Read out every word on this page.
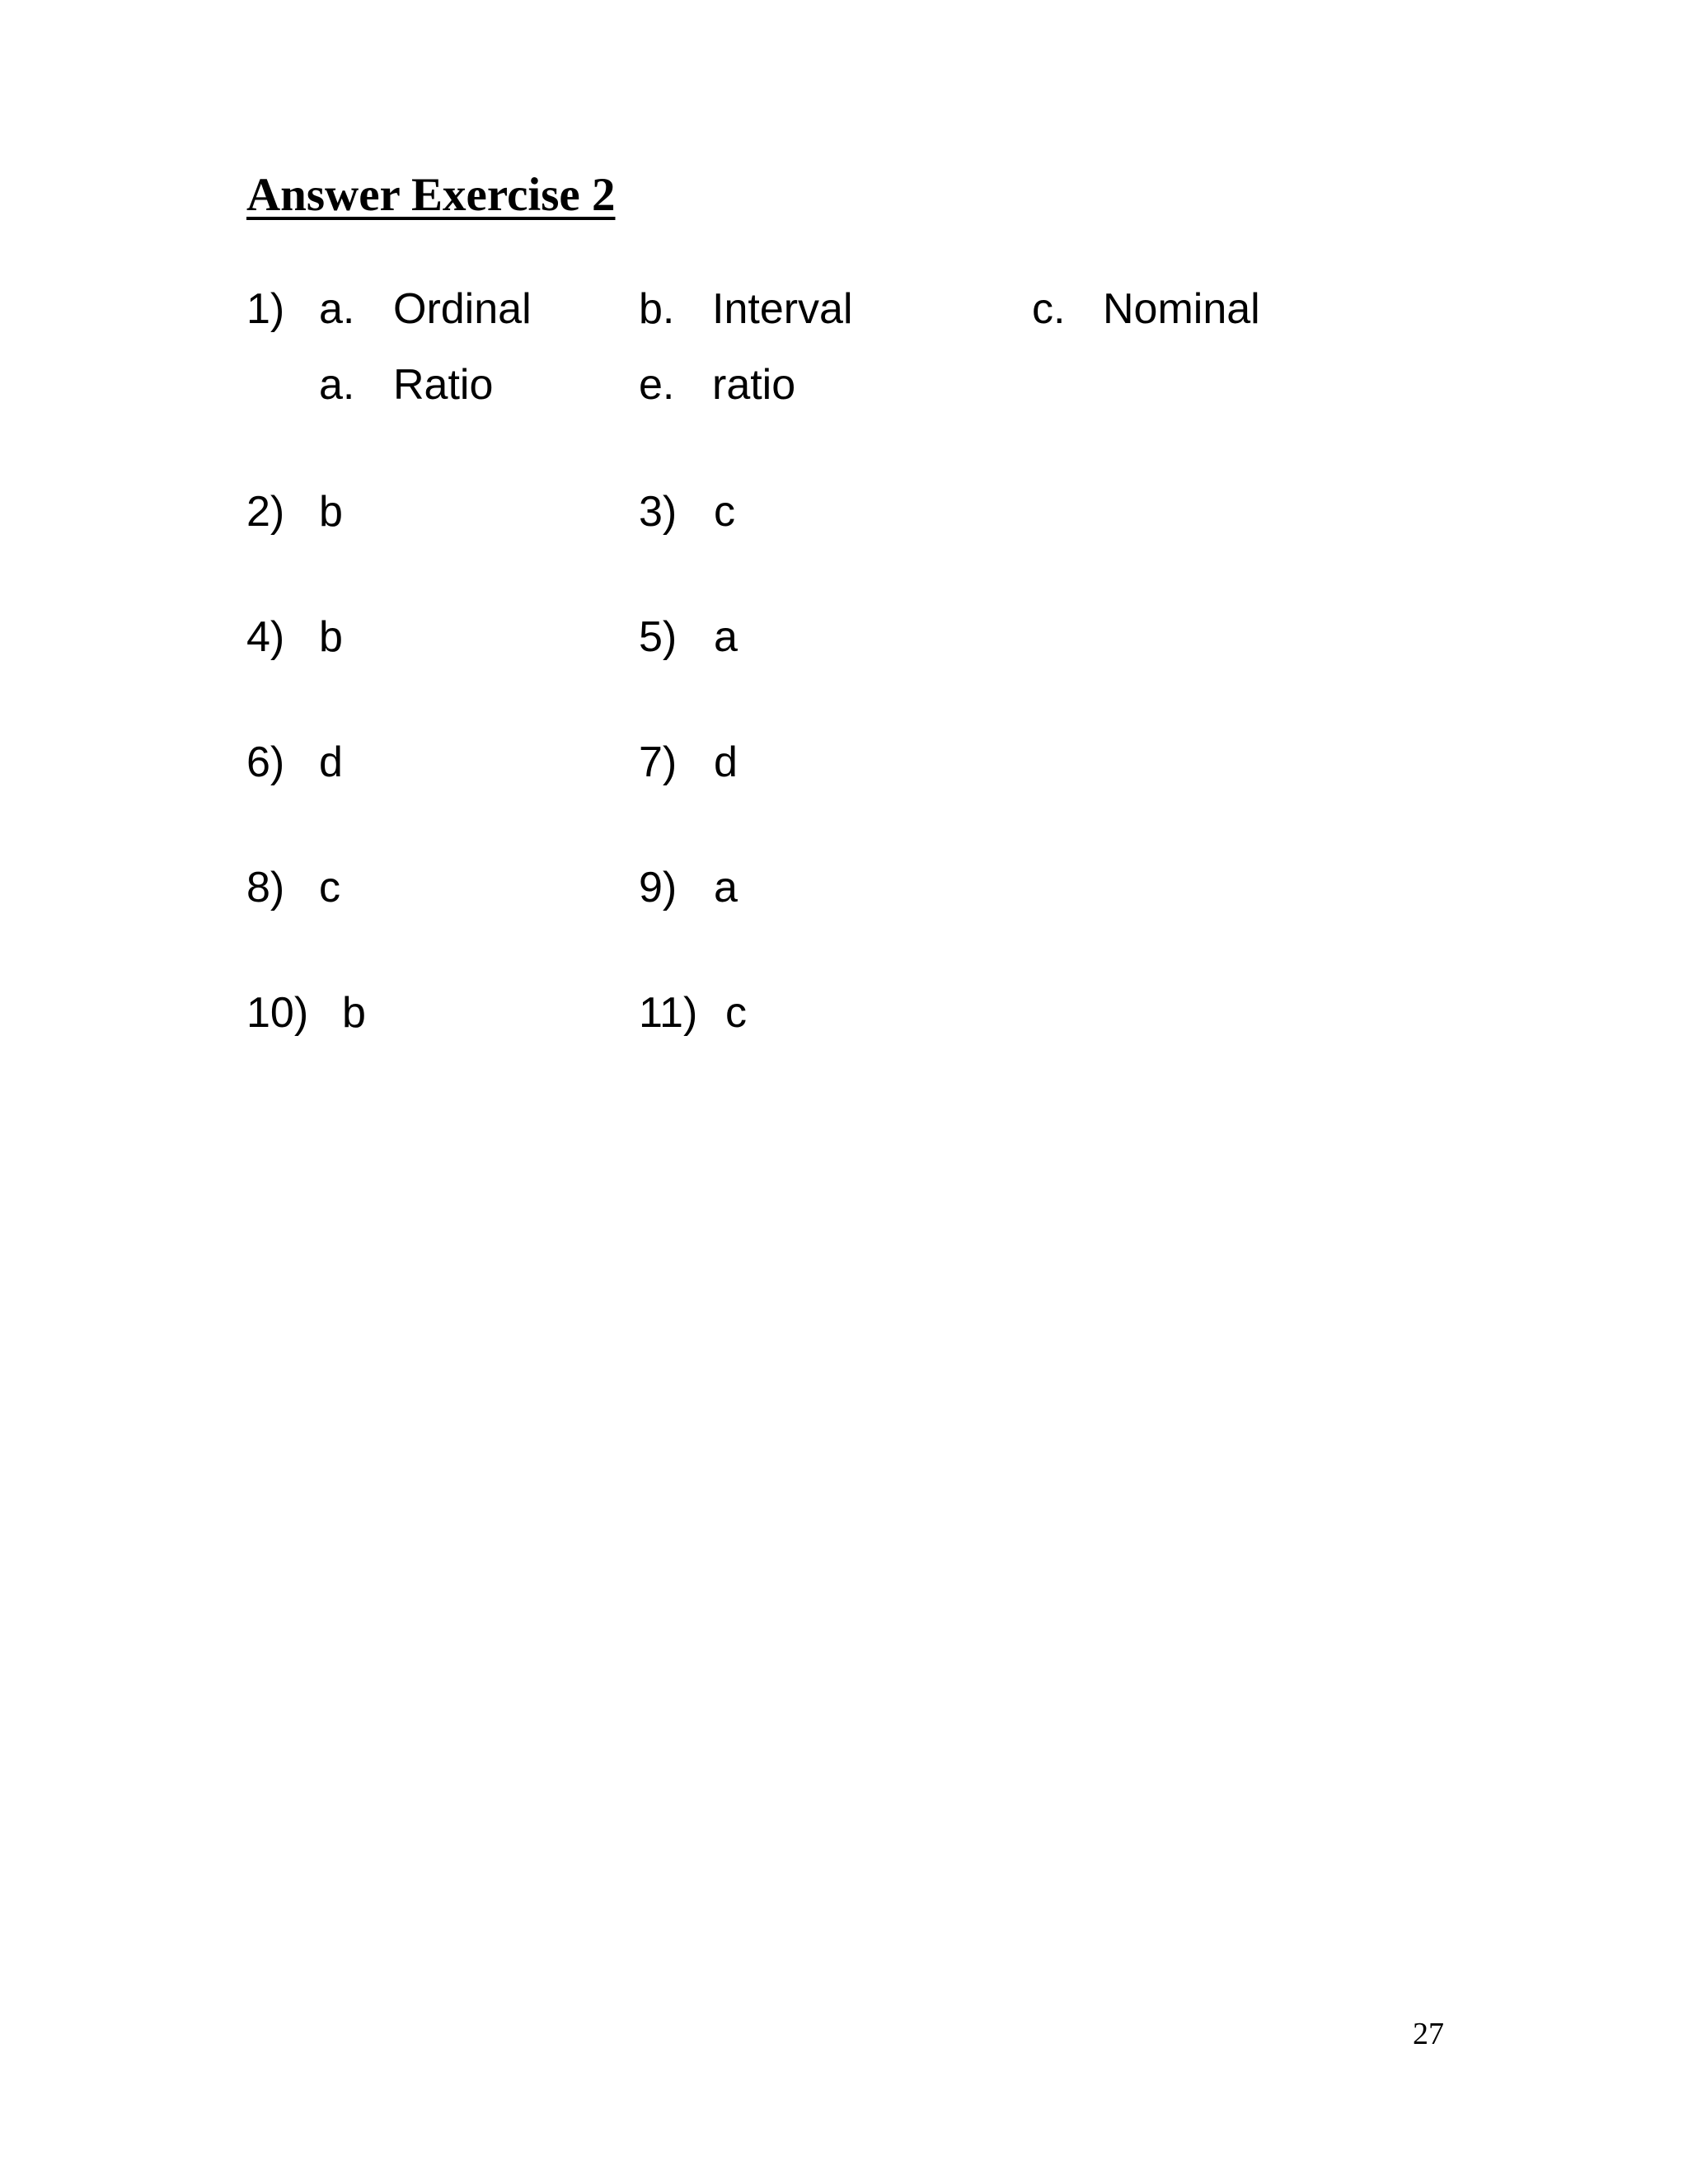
Answer Exercise 2
1) a. Ordinal	b. Interval	c. Nominal
a. Ratio	e. ratio
2) b	3) c
4) b	5) a
6) d	7) d
8) c	9) a
10) b	11) c
27
